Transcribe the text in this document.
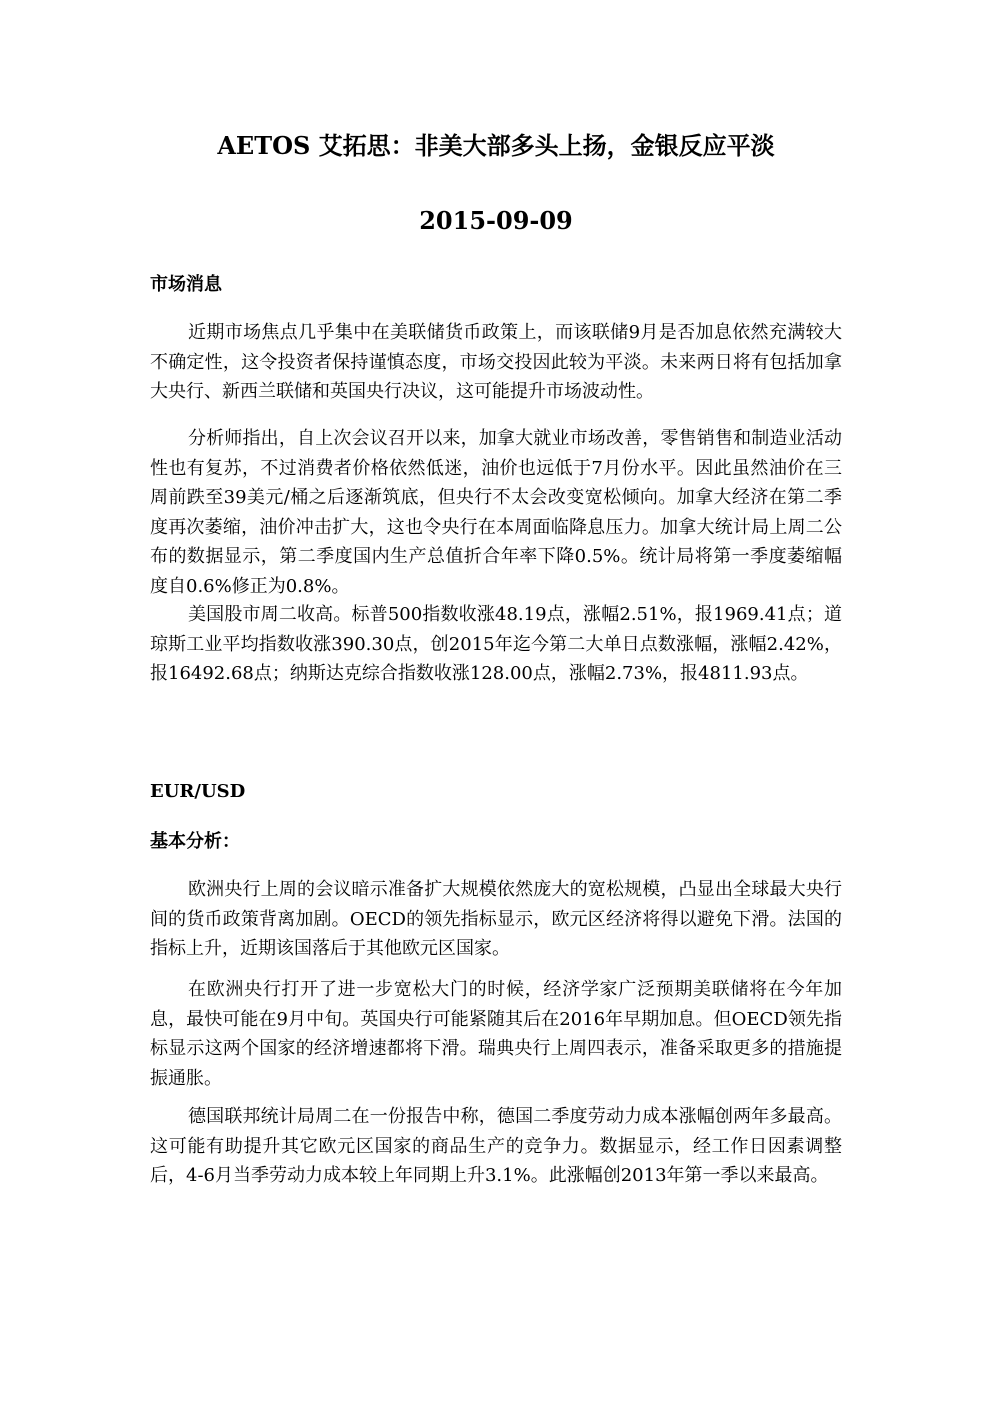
AETOS 艾拓思：非美大部多头上扬，金银反应平淡
2015-09-09
市场消息

近期市场焦点几乎集中在美联储货币政策上，而该联储9月是否加息依然充满较大不确定性，这令投资者保持谨慎态度，市场交投因此较为平淡。未来两日将有包括加拿大央行、新西兰联储和英国央行决议，这可能提升市场波动性。

分析师指出，自上次会议召开以来，加拿大就业市场改善，零售销售和制造业活动性也有复苏，不过消费者价格依然低迷，油价也远低于7月份水平。因此虽然油价在三周前跌至39美元/桶之后逐渐筑底，但央行不太会改变宽松倾向。加拿大经济在第二季度再次萎缩，油价冲击扩大，这也令央行在本周面临降息压力。加拿大统计局上周二公布的数据显示，第二季度国内生产总值折合年率下降0.5%。统计局将第一季度萎缩幅度自0.6%修正为0.8%。

美国股市周二收高。标普500指数收涨48.19点，涨幅2.51%，报1969.41点；道琼斯工业平均指数收涨390.30点，创2015年迄今第二大单日点数涨幅，涨幅2.42%，报16492.68点；纳斯达克综合指数收涨128.00点，涨幅2.73%，报4811.93点。

EUR/USD
基本分析：

欧洲央行上周的会议暗示准备扩大规模依然庞大的宽松规模，凸显出全球最大央行间的货币政策背离加剧。OECD的领先指标显示，欧元区经济将得以避免下滑。法国的指标上升，近期该国落后于其他欧元区国家。

在欧洲央行打开了进一步宽松大门的时候，经济学家广泛预期美联储将在今年加息，最快可能在9月中旬。英国央行可能紧随其后在2016年早期加息。但OECD领先指标显示这两个国家的经济增速都将下滑。瑞典央行上周四表示，准备采取更多的措施提振通胀。

德国联邦统计局周二在一份报告中称，德国二季度劳动力成本涨幅创两年多最高。这可能有助提升其它欧元区国家的商品生产的竞争力。数据显示，经工作日因素调整后，4-6月当季劳动力成本较上年同期上升3.1%。此涨幅创2013年第一季以来最高。
